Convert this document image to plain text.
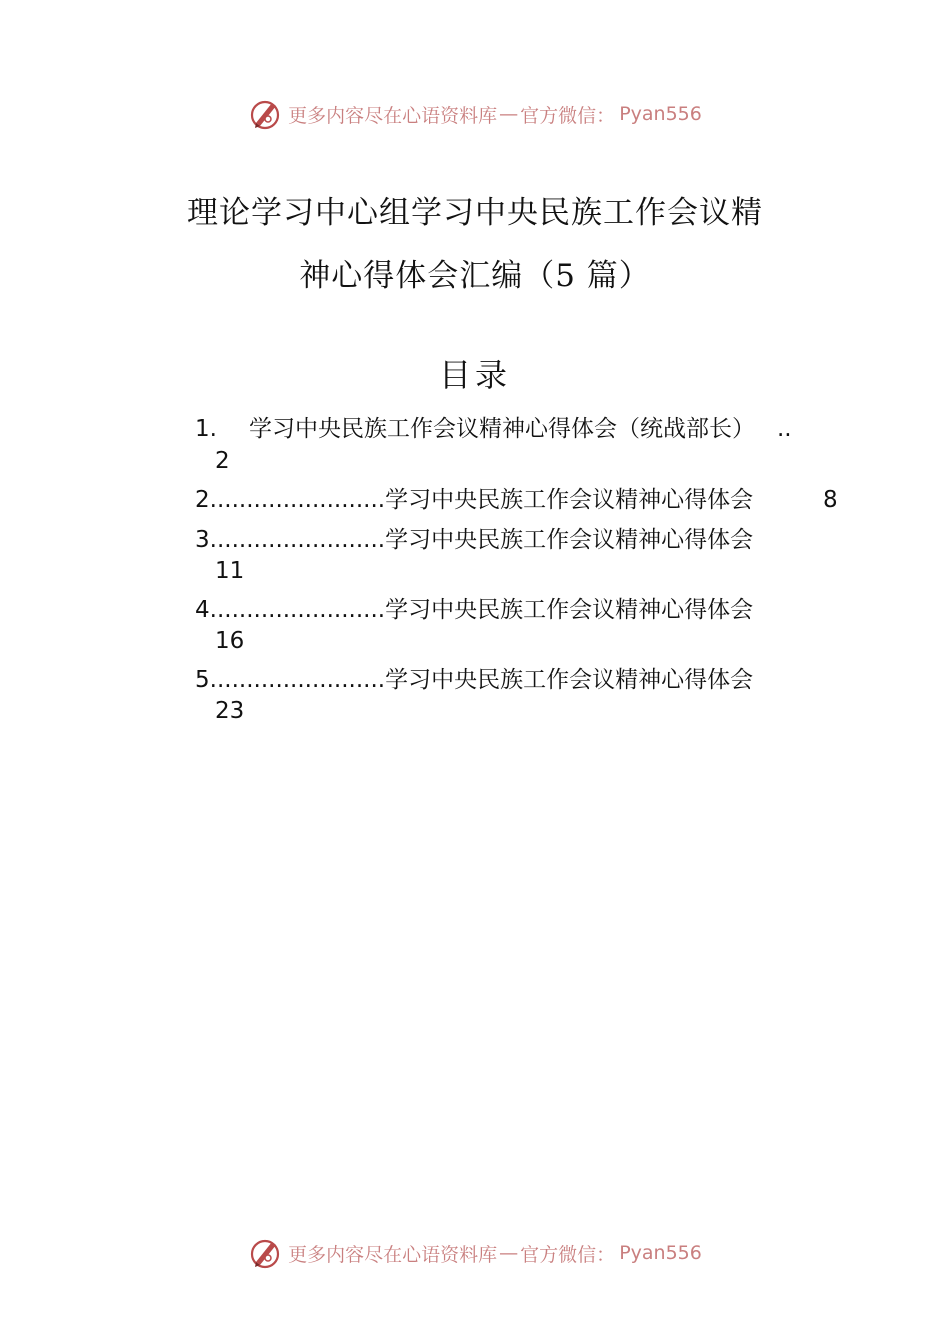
更多内容尽在心语资料库 — 官方微信： Pyan556
理论学习中心组学习中央民族工作会议精
神心得体会汇编（5 篇）
目录
1. 学习中央民族工作会议精神心得体会（统战部长） ..
2
2........................学习中央民族工作会议精神心得体会	8
3........................学习中央民族工作会议精神心得体会
11
4........................学习中央民族工作会议精神心得体会
16
5........................学习中央民族工作会议精神心得体会
23
更多内容尽在心语资料库 — 官方微信： Pyan556
